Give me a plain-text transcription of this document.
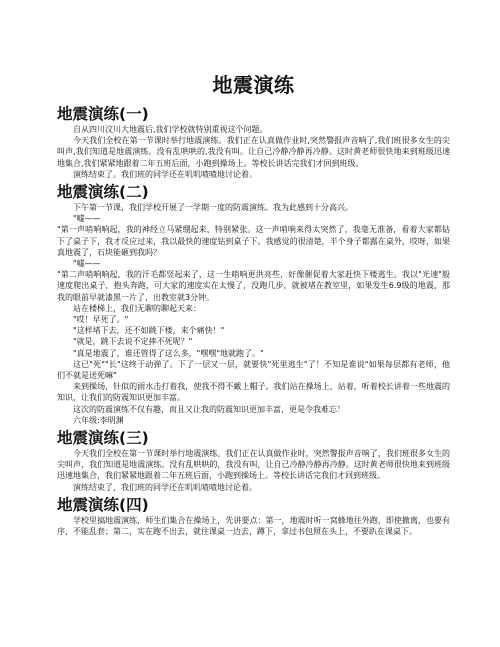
地震演练
地震演练(一)

自从四川汶川大地震后,我们学校就特别重视这个问题。

今天我们全校在第一节课时举行地震演练。我们正在认真做作业时,突然警报声音响了,我们班很多女生的尖叫声,我们知道是地震演练。没有乱哄哄的,我没有叫。让自己冷静冷静再冷静。这时黄老师很快地来到班级迅速地集合,我们紧紧地跟着二年五班后面，小跑到操场上。等校长讲话完我们才回到班级。

演练结束了。我们班的同学还在叽叽喳喳地讨论着。

地震演练(二)

下午第一节课，我们学校开展了一学期一度的防震演练。我为此感到十分高兴。

"嘘——

"第一声哨响响起，我的神经立马紧绷起来，特别紧张。这一声哨响来得太突然了，我毫无准备，看着大家都钻下了桌子下，我才反应过来，我以最快的速度钻到桌子下。我感觉的很清楚，半个身子都露在桌外，哎呀，如果真地震了，石块能砸到我吗？

"嘘——

"第二声哨响响起，我的汗毛都竖起来了，这一生哨响更洪亮些，好像催促着大家赶快下楼逃生。我以"光速"般速度爬出桌子，抱头奔跑，可大家的速度实在太慢了，没跑几步，就被堵在教室里，如果发生6.9级的地震，那我的眼前早就漆黑一片了，出教室就3分钟。

站在楼梯上，我们无聊的聊起天来：

"哎！早死了。"

"这样堵下去，还不如跳下楼，来个痛快！"

"就是，跳下去说不定摔不死呢？"

"真是地震了，谁还管得了这么多，"嘿嘿"地就跑了。"

这已"死""长"这终于动弹了。下了一层又一层，就要快"死里逃生"了！不知是谁说"如果每层都有老师，他们不就是送死嘛"

来到操场，针似的雨水击打着我，使我不得不戴上帽子。我们站在操场上，站着，听着校长讲着一些地震的知识，让我们的防震知识更加丰富。

这次的防震演练不仅有趣，而且又让我的防震知识更加丰富，更是令我难忘！

六年级:李明渊

地震演练(三)

今天我们全校在第一节课时举行地震演练。我们正在认真做作业时，突然警报声音响了，我们班很多女生的尖叫声，我们知道是地震演练。没有乱哄哄的，我没有叫，让自己冷静冷静再冷静。这时黄老师很快地来到班级迅速地集合，我们紧紧地跟着二年五班后面，小跑到操场上。等校长讲话完我们才回到班级。

演练结束了，我们班的同学还在叽叽喳喳地讨论着。

地震演练(四)

学校里搞地震演练，师生们集合在操场上，先讲要点：第一，地震时听一窝蜂地往外跑，即使撤离，也要有序，不能乱套；第二，实在跑不出去，就往课桌一边去，蹲下，拿过书包照在头上，不要趴在课桌下。
